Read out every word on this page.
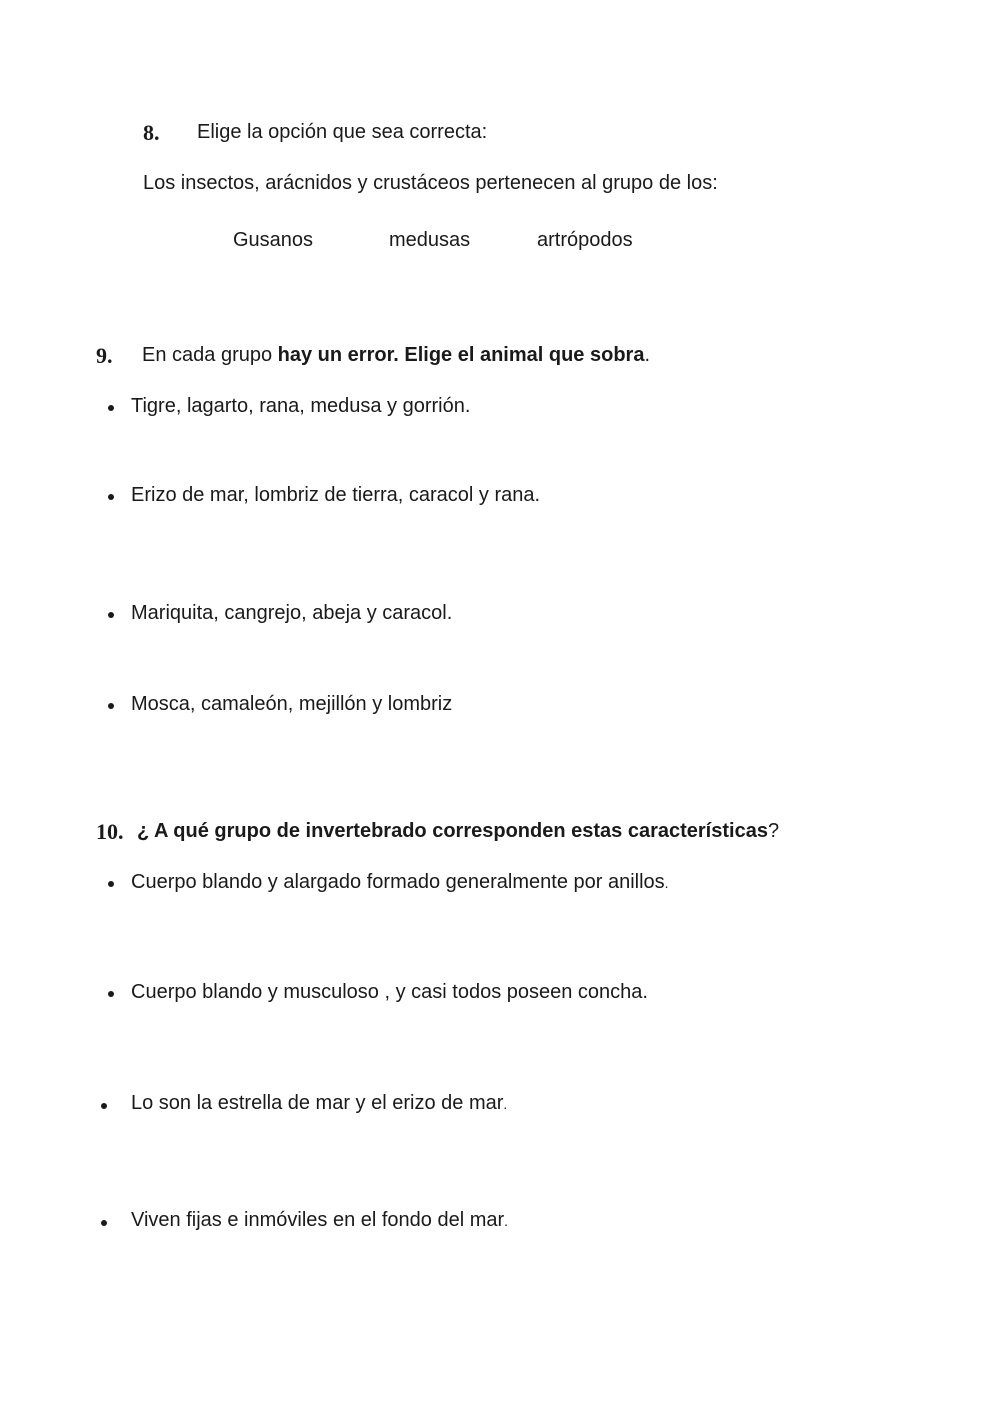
8. Elige la opción que sea correcta:
Los insectos, arácnidos y crustáceos pertenecen al grupo de los:
Gusanos	medusas	artrópodos
9. En cada grupo hay un error. Elige el animal que sobra.
Tigre, lagarto, rana, medusa y gorrión.
Erizo de mar, lombriz de tierra, caracol y rana.
Mariquita, cangrejo, abeja y caracol.
Mosca, camaleón, mejillón y lombriz
10. ¿ A qué grupo de invertebrado corresponden estas características?
Cuerpo blando y alargado formado generalmente por anillos.
Cuerpo blando y musculoso , y casi todos poseen concha.
Lo son la estrella de mar y el erizo de mar.
Viven fijas e inmóviles en el fondo del mar.
